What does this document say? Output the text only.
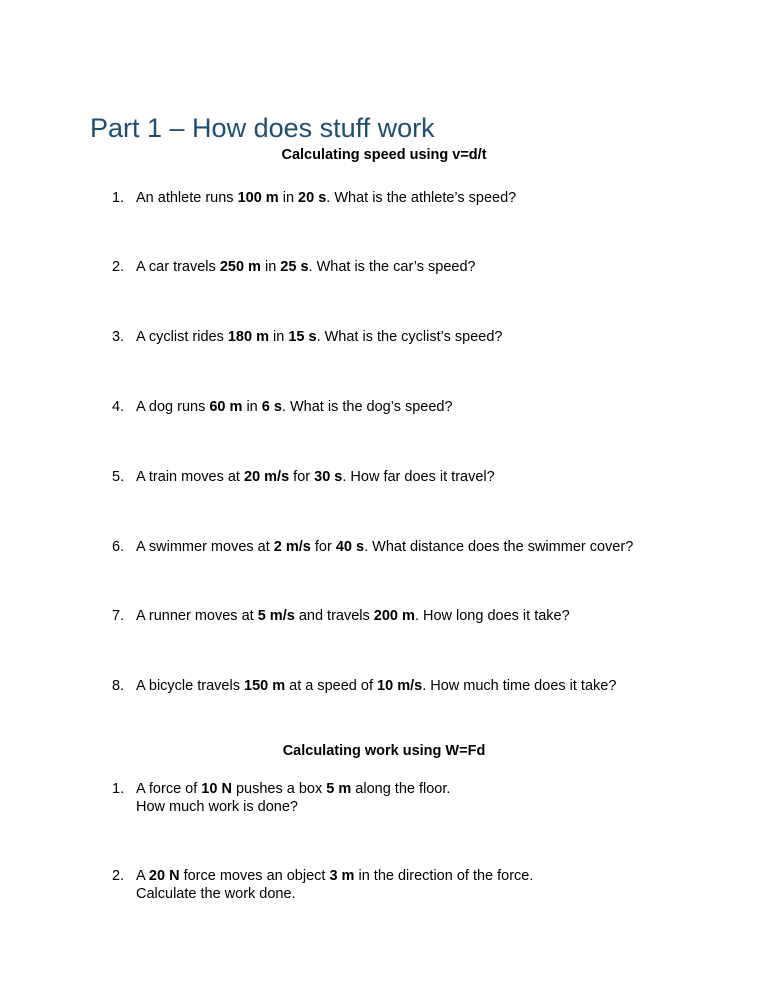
Part 1 – How does stuff work
Calculating speed using v=d/t
1. An athlete runs 100 m in 20 s. What is the athlete’s speed?
2. A car travels 250 m in 25 s. What is the car’s speed?
3. A cyclist rides 180 m in 15 s. What is the cyclist’s speed?
4. A dog runs 60 m in 6 s. What is the dog’s speed?
5. A train moves at 20 m/s for 30 s. How far does it travel?
6. A swimmer moves at 2 m/s for 40 s. What distance does the swimmer cover?
7. A runner moves at 5 m/s and travels 200 m. How long does it take?
8. A bicycle travels 150 m at a speed of 10 m/s. How much time does it take?
Calculating work using W=Fd
1. A force of 10 N pushes a box 5 m along the floor.
How much work is done?
2. A 20 N force moves an object 3 m in the direction of the force.
Calculate the work done.
